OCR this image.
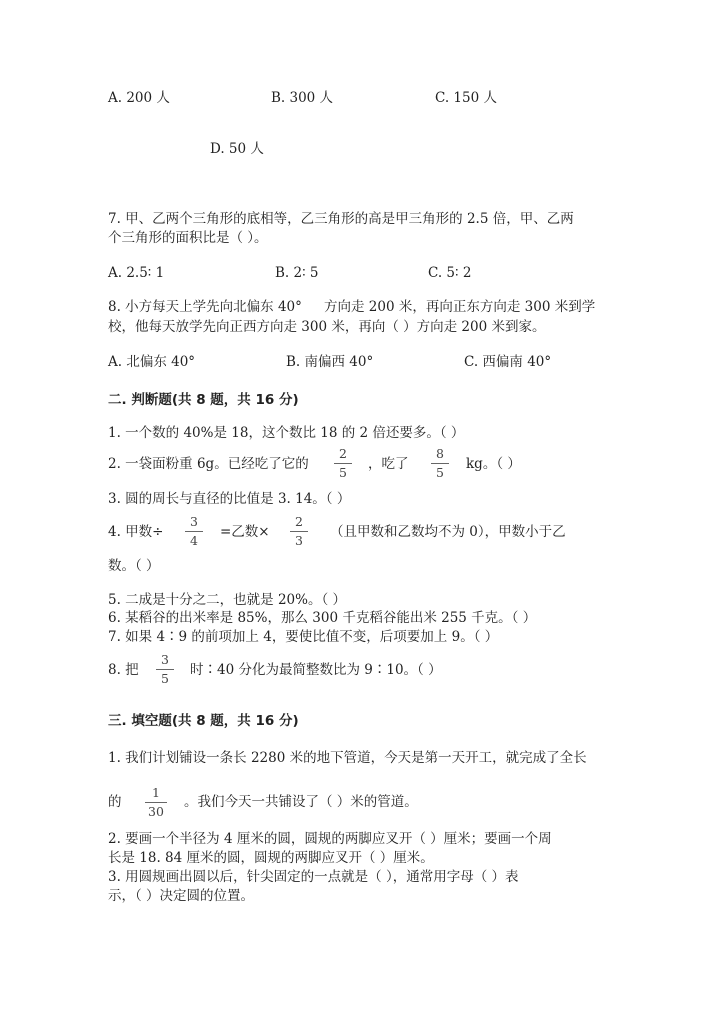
A. 200 人	B. 300 人	C. 150 人
D. 50 人
7. 甲、乙两个三角形的底相等，乙三角形的高是甲三角形的 2.5 倍，甲、乙两
个三角形的面积比是（ ）。
A. 2.5∶ 1	B. 2∶ 5	C. 5∶ 2
8. 小方每天上学先向北偏东 40° 方向走 200 米，再向正东方向走 300 米到学
校，他每天放学先向正西方向走 300 米，再向（ ）方向走 200 米到家。
A. 北偏东 40°	B. 南偏西 40°	C. 西偏南 40°
二. 判断题(共 8 题，共 16 分)
1. 一个数的 40%是 18，这个数比 18 的 2 倍还要多。（ ）
2. 一袋面粉重 6g。已经吃了它的
2
5
，吃了
8
5
kg。（ ）
3. 圆的周长与直径的比值是 3. 14。（ ）
4. 甲数÷
3
4
=乙数×
2
3
（且甲数和乙数均不为 0），甲数小于乙
数。（ ）
5. 二成是十分之二，也就是 20%。（ ）
6. 某稻谷的出米率是 85%，那么 300 千克稻谷能出米 255 千克。（ ）
7. 如果 4∶9 的前项加上 4，要使比值不变，后项要加上 9。（ ）
8. 把
3
5
时∶40 分化为最简整数比为 9∶10。（ ）
三. 填空题(共 8 题，共 16 分)
1. 我们计划铺设一条长 2280 米的地下管道，今天是第一天开工，就完成了全长
的
1
30
。我们今天一共铺设了（ ）米的管道。
2. 要画一个半径为 4 厘米的圆，圆规的两脚应叉开（ ）厘米；要画一个周
长是 18. 84 厘米的圆，圆规的两脚应叉开（ ）厘米。
3. 用圆规画出圆以后，针尖固定的一点就是（ ），通常用字母（ ）表
示，（ ）决定圆的位置。
